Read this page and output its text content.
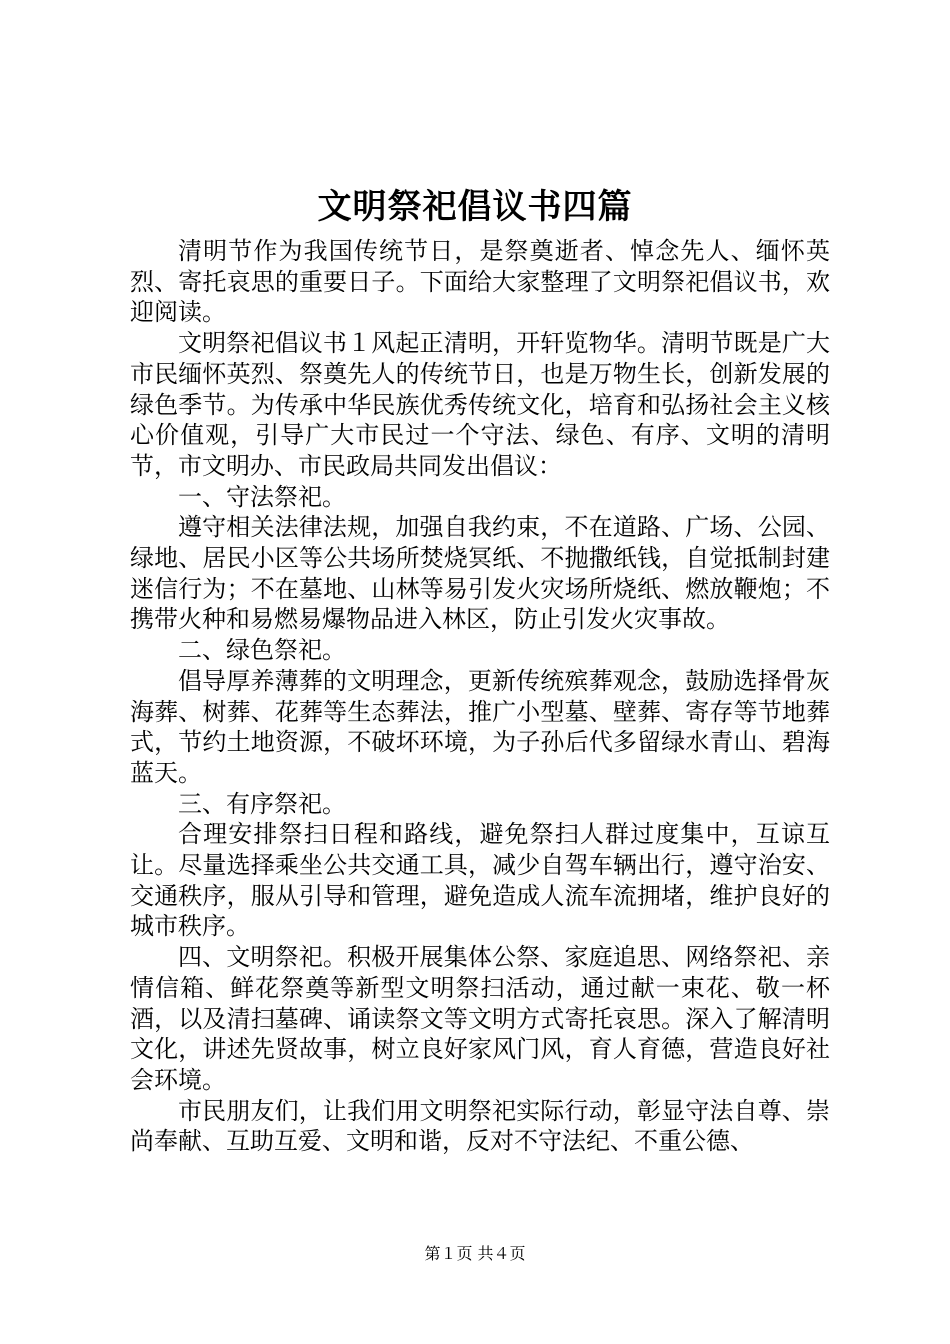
文明祭祀倡议书四篇

清明节作为我国传统节日，是祭奠逝者、悼念先人、缅怀英烈、寄托哀思的重要日子。下面给大家整理了文明祭祀倡议书，欢迎阅读。

文明祭祀倡议书１风起正清明，开轩览物华。清明节既是广大市民缅怀英烈、祭奠先人的传统节日，也是万物生长，创新发展的绿色季节。为传承中华民族优秀传统文化，培育和弘扬社会主义核心价值观，引导广大市民过一个守法、绿色、有序、文明的清明节，市文明办、市民政局共同发出倡议：

一、守法祭祀。

遵守相关法律法规，加强自我约束，不在道路、广场、公园、绿地、居民小区等公共场所焚烧冥纸、不抛撒纸钱，自觉抵制封建迷信行为；不在墓地、山林等易引发火灾场所烧纸、燃放鞭炮；不携带火种和易燃易爆物品进入林区，防止引发火灾事故。

二、绿色祭祀。

倡导厚养薄葬的文明理念，更新传统殡葬观念，鼓励选择骨灰海葬、树葬、花葬等生态葬法，推广小型墓、壁葬、寄存等节地葬式，节约土地资源，不破坏环境，为子孙后代多留绿水青山、碧海蓝天。

三、有序祭祀。

合理安排祭扫日程和路线，避免祭扫人群过度集中，互谅互让。尽量选择乘坐公共交通工具，减少自驾车辆出行，遵守治安、交通秩序，服从引导和管理，避免造成人流车流拥堵，维护良好的城市秩序。

四、文明祭祀。积极开展集体公祭、家庭追思、网络祭祀、亲情信箱、鲜花祭奠等新型文明祭扫活动，通过献一束花、敬一杯酒，以及清扫墓碑、诵读祭文等文明方式寄托哀思。深入了解清明文化，讲述先贤故事，树立良好家风门风，育人育德，营造良好社会环境。

市民朋友们，让我们用文明祭祀实际行动，彰显守法自尊、崇尚奉献、互助互爱、文明和谐，反对不守法纪、不重公德、

第１页 共４页
